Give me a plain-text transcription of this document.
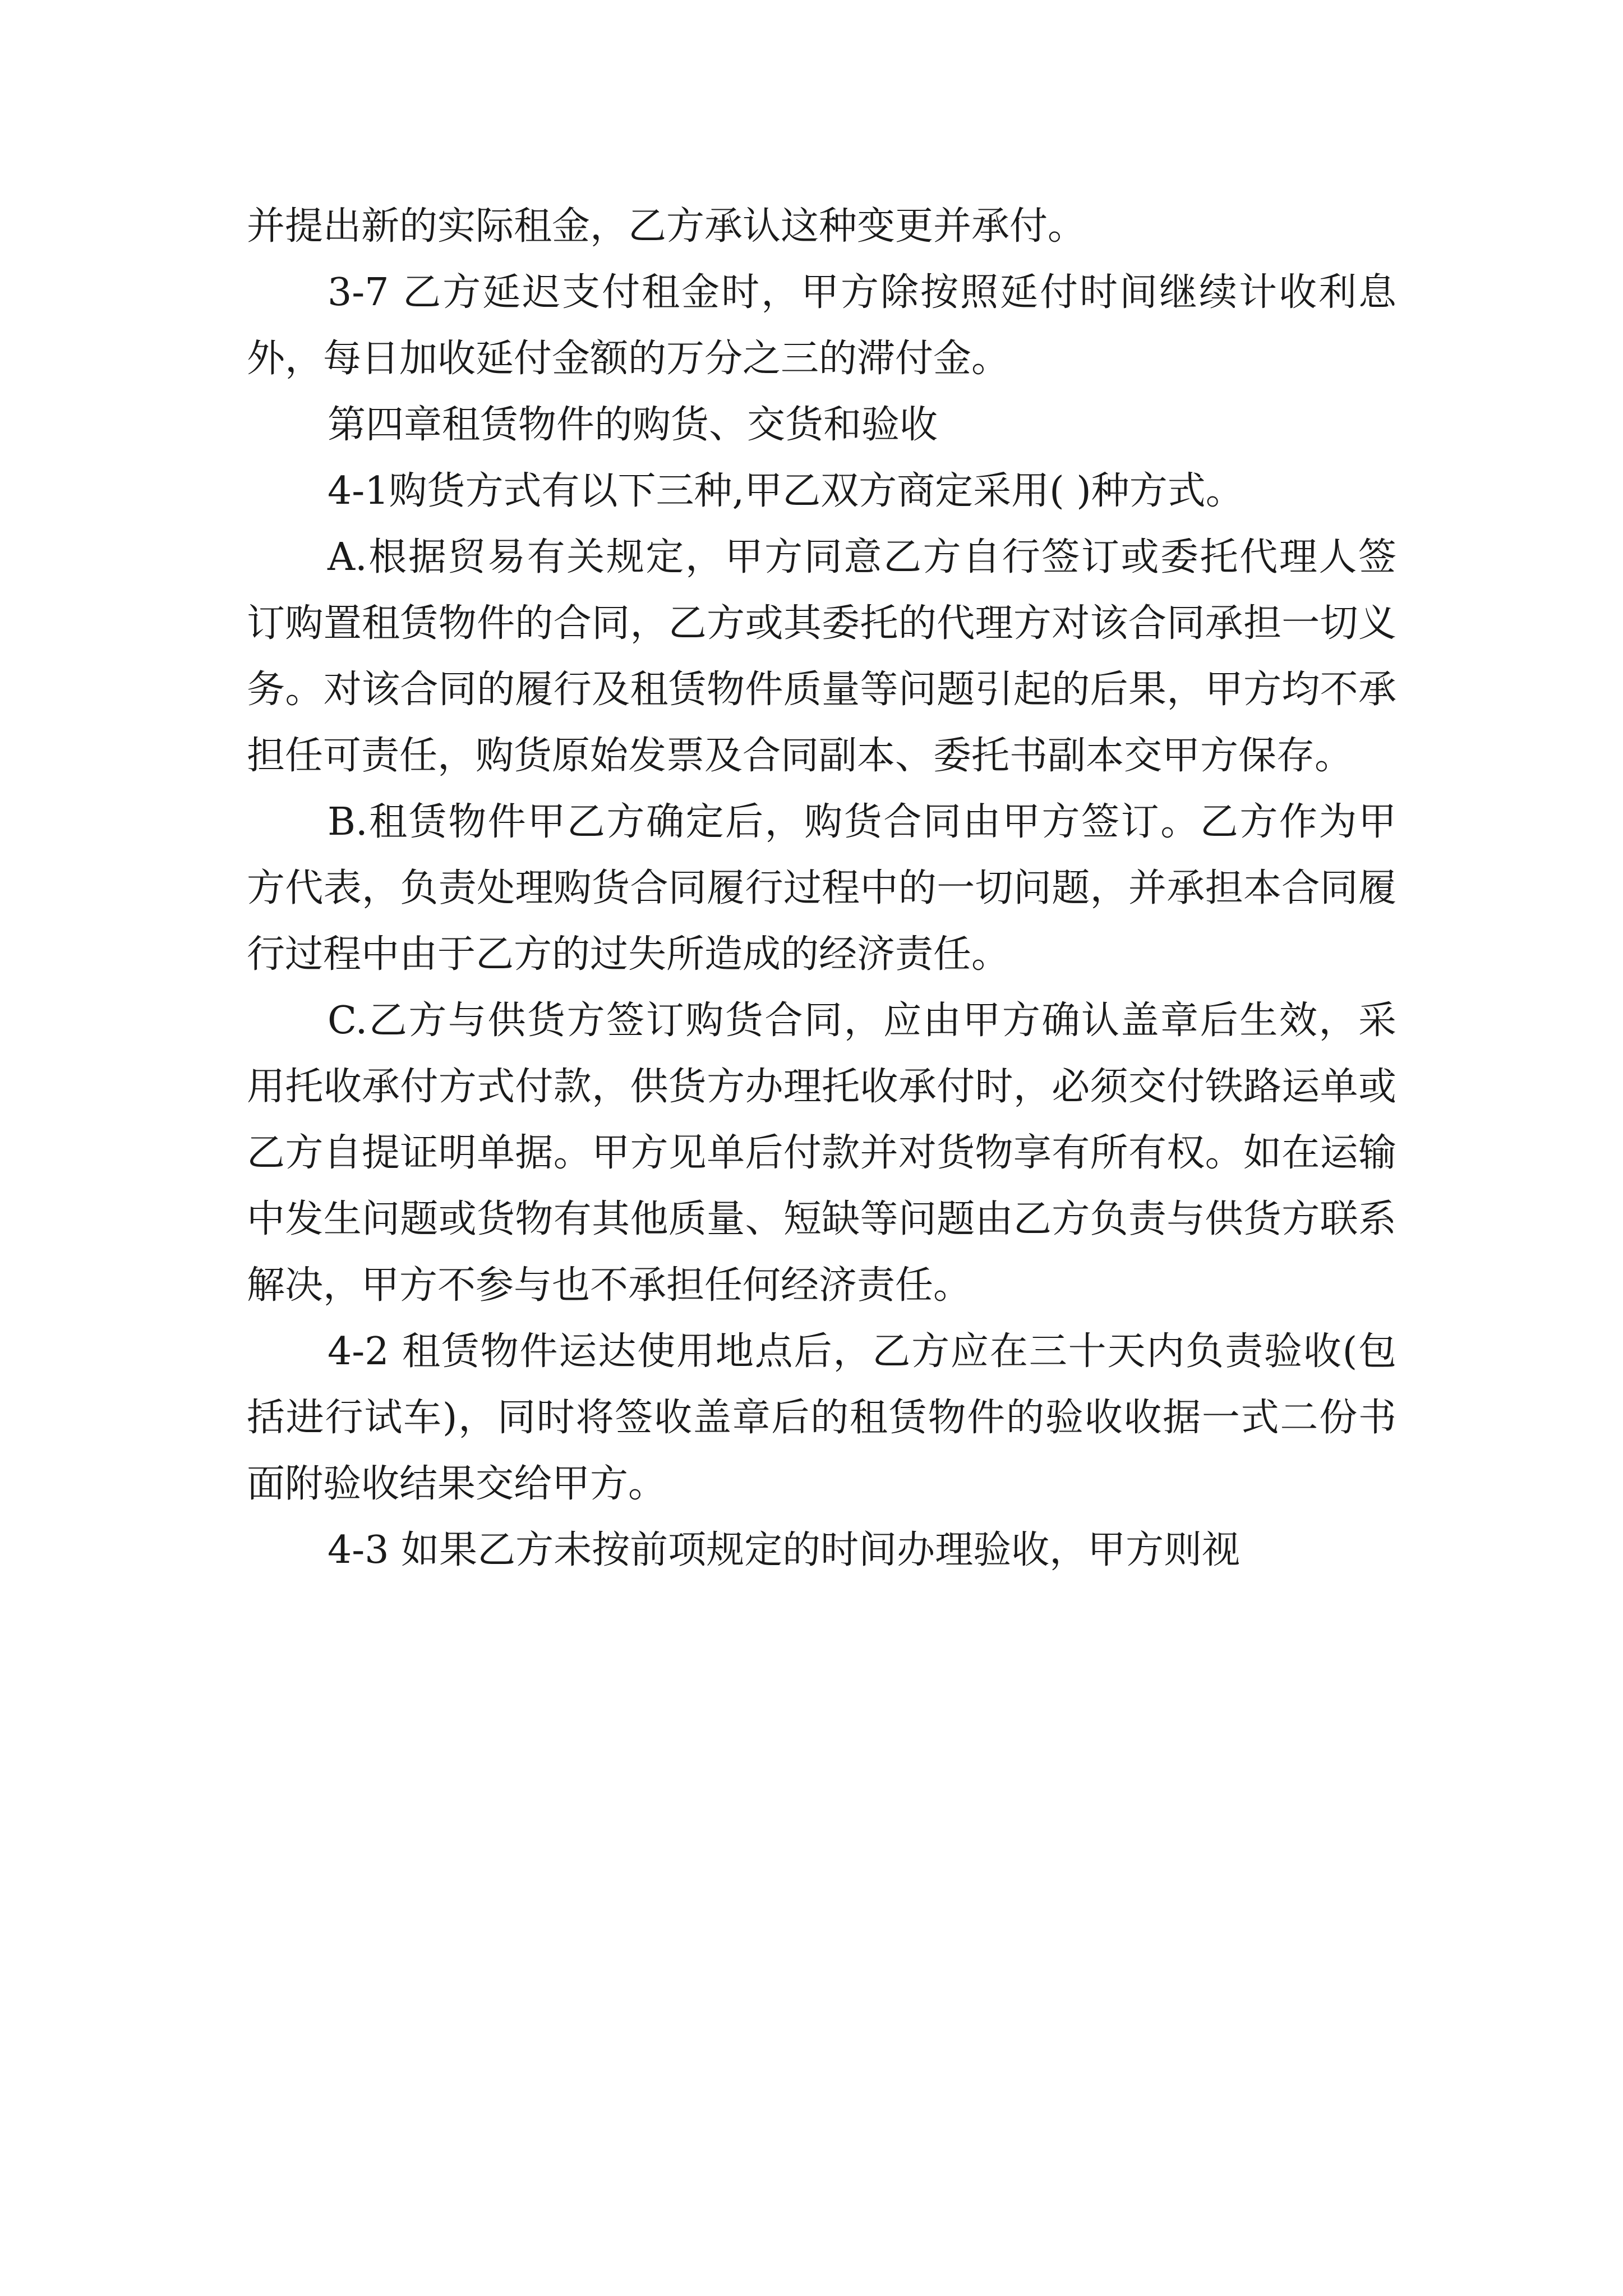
并提出新的实际租金，乙方承认这种变更并承付。

3-7 乙方延迟支付租金时，甲方除按照延付时间继续计收利息外，每日加收延付金额的万分之三的滞付金。

第四章租赁物件的购货、交货和验收

4-1购货方式有以下三种,甲乙双方商定采用( )种方式。

A.根据贸易有关规定，甲方同意乙方自行签订或委托代理人签订购置租赁物件的合同，乙方或其委托的代理方对该合同承担一切义务。对该合同的履行及租赁物件质量等问题引起的后果，甲方均不承担任可责任，购货原始发票及合同副本、委托书副本交甲方保存。

B.租赁物件甲乙方确定后，购货合同由甲方签订。乙方作为甲方代表，负责处理购货合同履行过程中的一切问题，并承担本合同履行过程中由于乙方的过失所造成的经济责任。

C.乙方与供货方签订购货合同，应由甲方确认盖章后生效，采用托收承付方式付款，供货方办理托收承付时，必须交付铁路运单或乙方自提证明单据。甲方见单后付款并对货物享有所有权。如在运输中发生问题或货物有其他质量、短缺等问题由乙方负责与供货方联系解决，甲方不参与也不承担任何经济责任。

4-2 租赁物件运达使用地点后，乙方应在三十天内负责验收(包括进行试车)，同时将签收盖章后的租赁物件的验收收据一式二份书面附验收结果交给甲方。

4-3 如果乙方未按前项规定的时间办理验收，甲方则视
